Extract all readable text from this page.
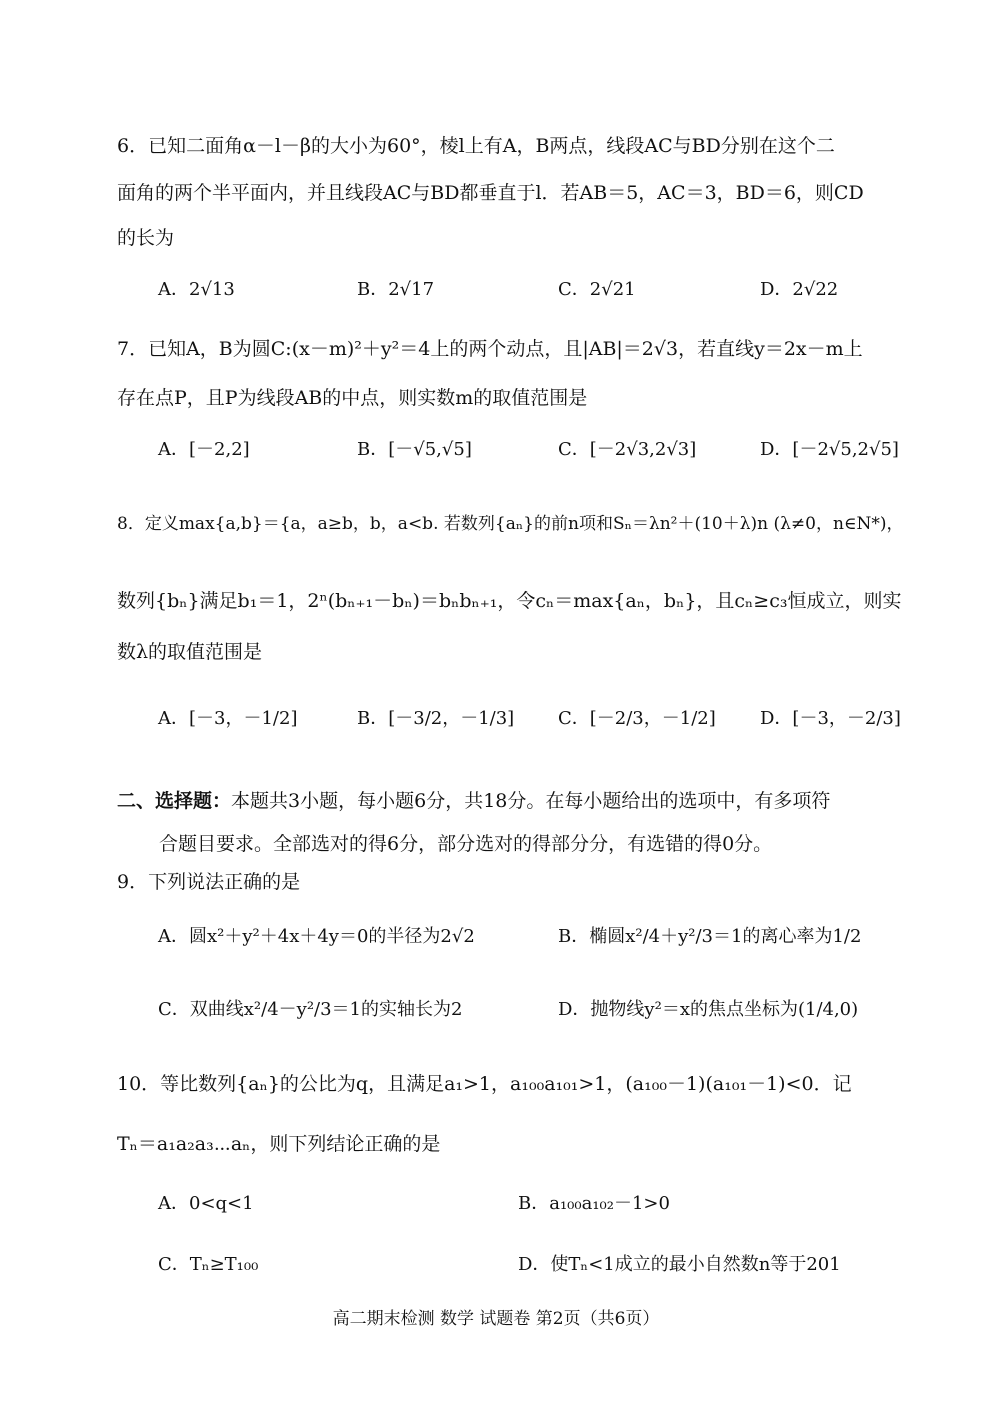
6．已知二面角α－l－β的大小为60°，棱l上有A，B两点，线段AC与BD分别在这个二
面角的两个半平面内，并且线段AC与BD都垂直于l．若AB＝5，AC＝3，BD＝6，则CD
的长为
A．2√13	B．2√17	C．2√21	D．2√22
7．已知A，B为圆C:(x－m)²＋y²＝4上的两个动点，且|AB|＝2√3，若直线y＝2x－m上
存在点P，且P为线段AB的中点，则实数m的取值范围是
A．[－2,2]	B．[－√5,√5]	C．[－2√3,2√3]	D．[－2√5,2√5]
8．定义max{a,b}＝{a，a≥b，b，a<b. 若数列{aₙ}的前n项和Sₙ＝λn²＋(10＋λ)n (λ≠0，n∈N*)，
数列{bₙ}满足b₁＝1，2ⁿ(bₙ₊₁－bₙ)＝bₙbₙ₊₁，令cₙ＝max{aₙ，bₙ}，且cₙ≥c₃恒成立，则实
数λ的取值范围是
A．[－3，－1/2]	B．[－3/2，－1/3] C．[－2/3，－1/2] D．[－3，－2/3]
二、选择题：本题共3小题，每小题6分，共18分。在每小题给出的选项中，有多项符
合题目要求。全部选对的得6分，部分选对的得部分分，有选错的得0分。
9．下列说法正确的是
A．圆x²＋y²＋4x＋4y＝0的半径为2√2	B．椭圆x²/4＋y²/3＝1的离心率为1/2
C．双曲线x²/4－y²/3＝1的实轴长为2	D．抛物线y²＝x的焦点坐标为(1/4,0)
10．等比数列{aₙ}的公比为q，且满足a₁>1，a₁₀₀a₁₀₁>1，(a₁₀₀－1)(a₁₀₁－1)<0．记
Tₙ＝a₁a₂a₃⋯aₙ，则下列结论正确的是
A．0<q<1	B．a₁₀₀a₁₀₂－1>0
C．Tₙ≥T₁₀₀	D．使Tₙ<1成立的最小自然数n等于201
高二期末检测 数学 试题卷 第2页（共6页）
